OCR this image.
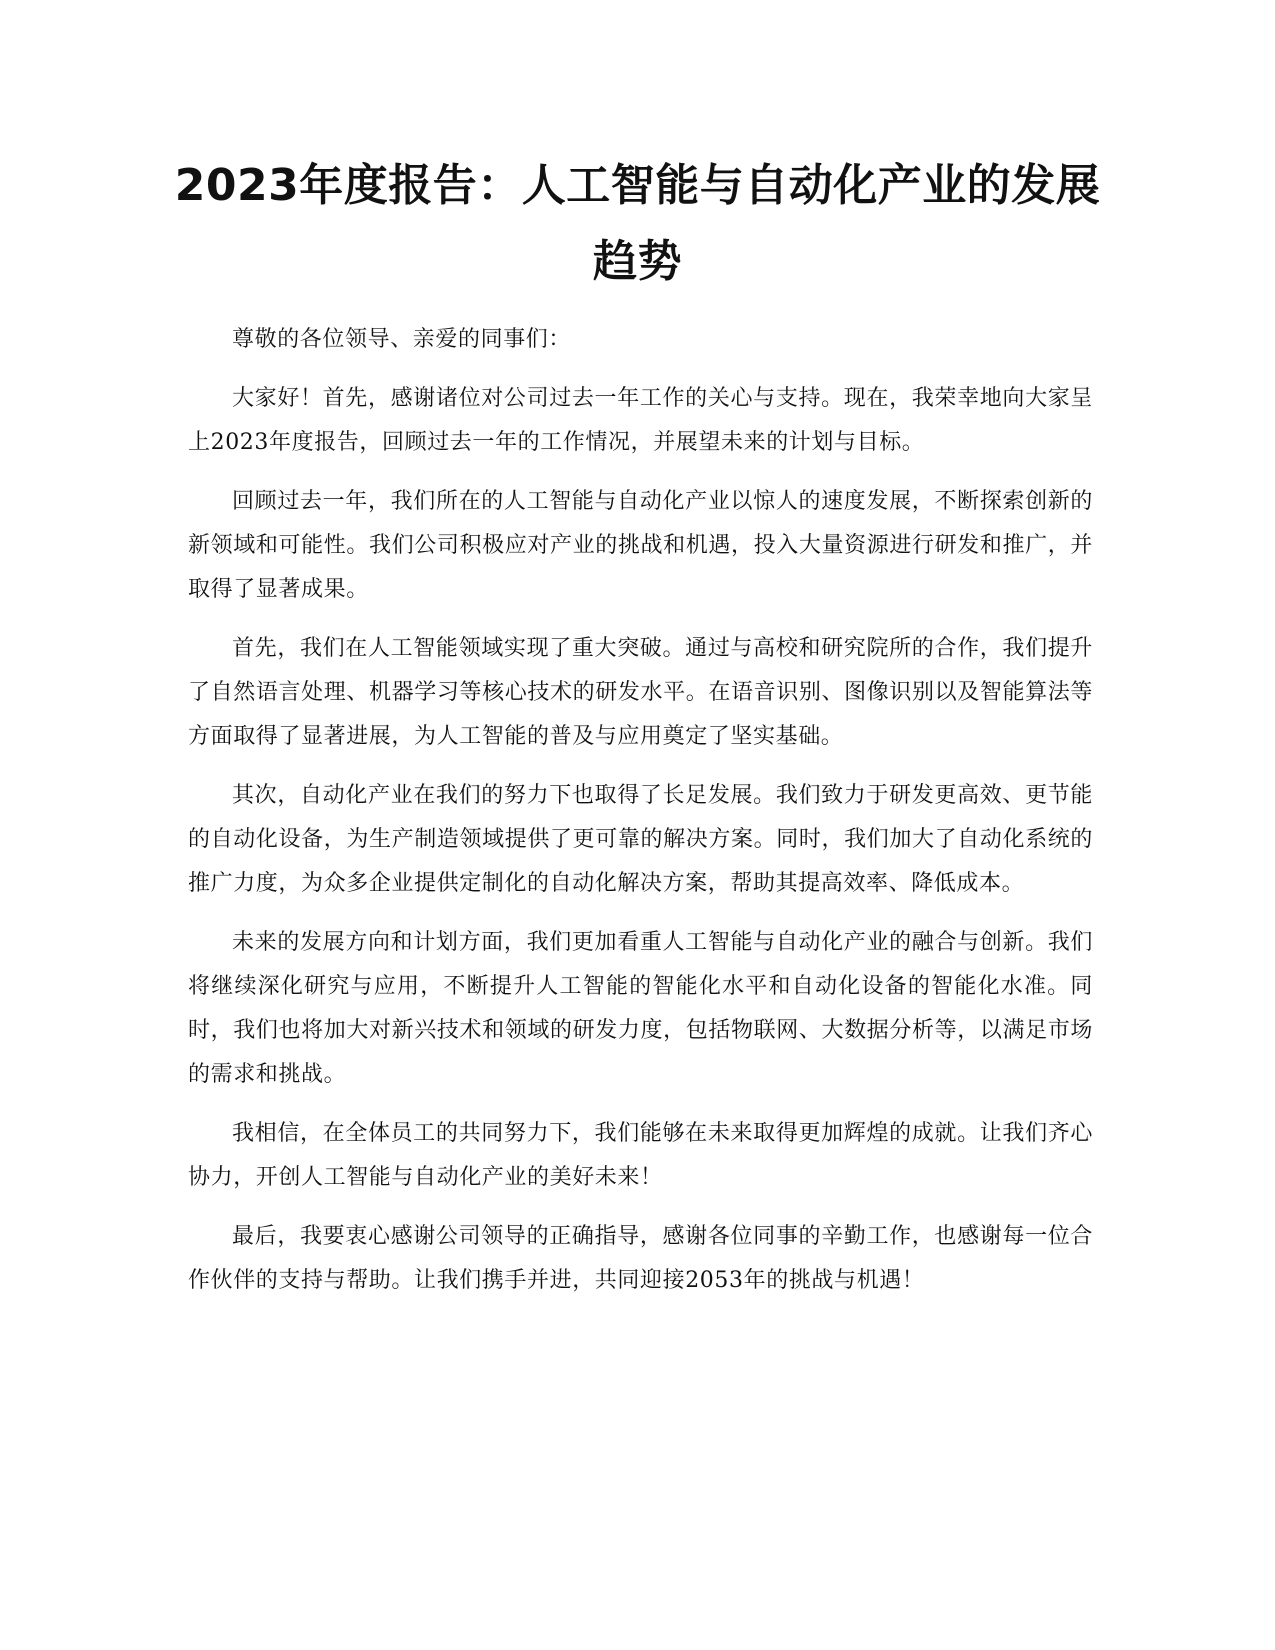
2023年度报告：人工智能与自动化产业的发展趋势

尊敬的各位领导、亲爱的同事们：

大家好！首先，感谢诸位对公司过去一年工作的关心与支持。现在，我荣幸地向大家呈上2023年度报告，回顾过去一年的工作情况，并展望未来的计划与目标。

回顾过去一年，我们所在的人工智能与自动化产业以惊人的速度发展，不断探索创新的新领域和可能性。我们公司积极应对产业的挑战和机遇，投入大量资源进行研发和推广，并取得了显著成果。

首先，我们在人工智能领域实现了重大突破。通过与高校和研究院所的合作，我们提升了自然语言处理、机器学习等核心技术的研发水平。在语音识别、图像识别以及智能算法等方面取得了显著进展，为人工智能的普及与应用奠定了坚实基础。

其次，自动化产业在我们的努力下也取得了长足发展。我们致力于研发更高效、更节能的自动化设备，为生产制造领域提供了更可靠的解决方案。同时，我们加大了自动化系统的推广力度，为众多企业提供定制化的自动化解决方案，帮助其提高效率、降低成本。

未来的发展方向和计划方面，我们更加看重人工智能与自动化产业的融合与创新。我们将继续深化研究与应用，不断提升人工智能的智能化水平和自动化设备的智能化水准。同时，我们也将加大对新兴技术和领域的研发力度，包括物联网、大数据分析等，以满足市场的需求和挑战。

我相信，在全体员工的共同努力下，我们能够在未来取得更加辉煌的成就。让我们齐心协力，开创人工智能与自动化产业的美好未来！

最后，我要衷心感谢公司领导的正确指导，感谢各位同事的辛勤工作，也感谢每一位合作伙伴的支持与帮助。让我们携手并进，共同迎接2053年的挑战与机遇！
